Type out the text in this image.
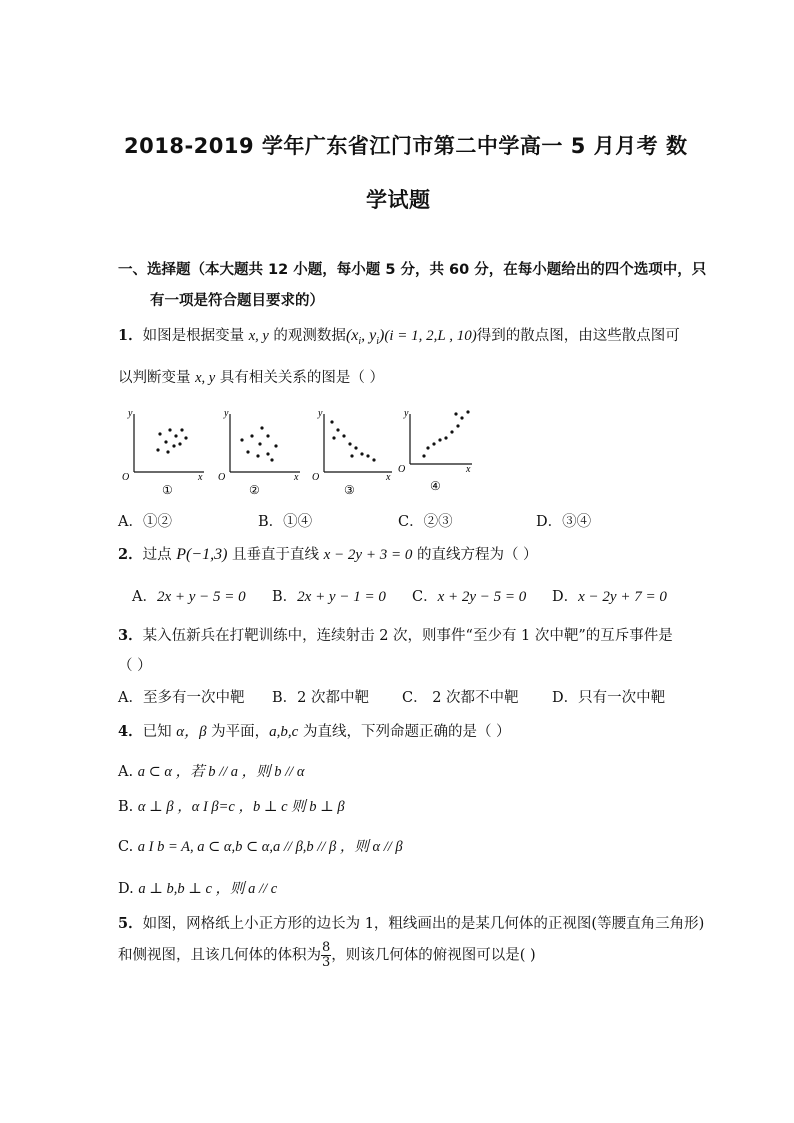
2018-2019 学年广东省江门市第二中学高一 5 月月考 数
学试题
一、选择题（本大题共 12 小题，每小题 5 分，共 60 分，在每小题给出的四个选项中，只
有一项是符合题目要求的）
1．如图是根据变量 x, y 的观测数据($x_i$, $y_i)(i = 1$, 2,L , 10)得到的散点图，由这些散点图可
以判断变量 x, y 具有相关关系的图是（ ）
y
x
O
①
y
x
O
②
y
x
O
③
y
x
O
④
A．①②	B．①④	C．②③	D．③④
2．过点 P(−1,3) 且垂直于直线 x − 2y + 3 = 0 的直线方程为（ ）
A．2x + y − 5 = 0 B．2x + y − 1 = 0 C．x + 2y − 5 = 0 D．x − 2y + 7 = 0
3．某入伍新兵在打靶训练中，连续射击 2 次，则事件“至少有 1 次中靶”的互斥事件是
（ ）
A．至多有一次中靶 B．2 次都中靶 C． 2 次都不中靶 D．只有一次中靶
4．已知 α，β 为平面，a,b,c 为直线，下列命题正确的是（ ）
A. a ⊂ α ，若 b // a ，则 b // α
B. α ⊥ β ，α I β=c ，b ⊥ c 则 b ⊥ β
C. a I b = A, a ⊂ α,b ⊂ α,a // β,b // β ，则 α // β
D. a ⊥ b,b ⊥ c ，则 a // c
5．如图，网格纸上小正方形的边长为 1，粗线画出的是某几何体的正视图(等腰直角三角形)
和侧视图，且该几何体的体积为 $\frac{8}{3}$ ，则该几何体的俯视图可以是( )
